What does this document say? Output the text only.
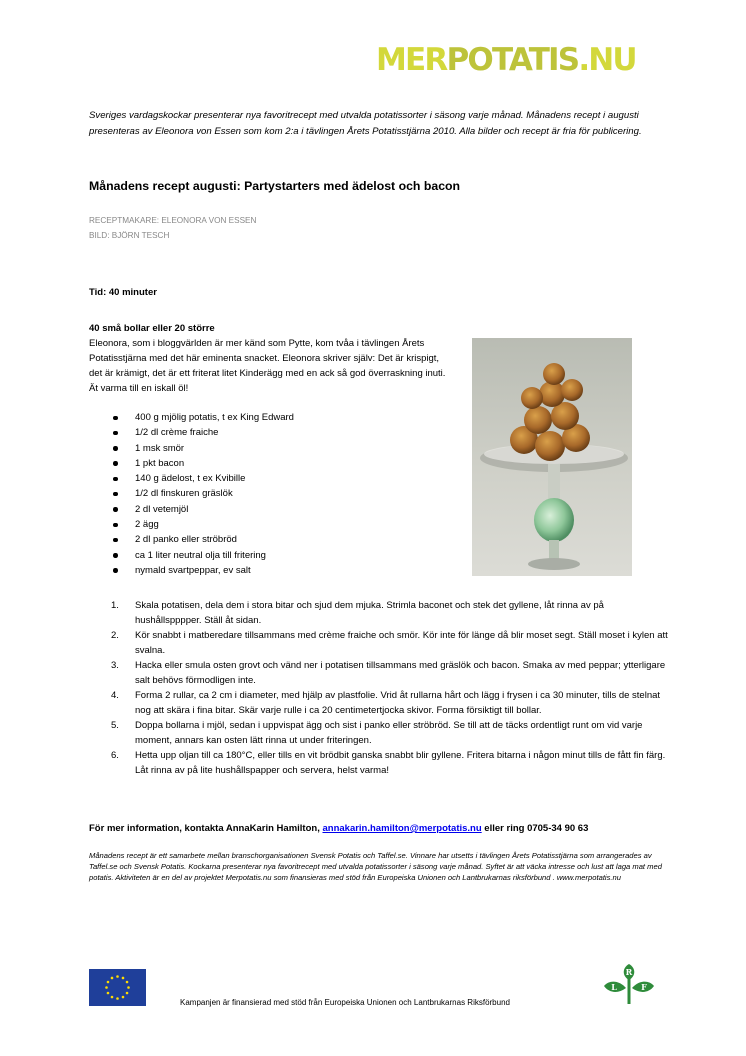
MERPOTATIS.NU
Sveriges vardagskockar presenterar nya favoritrecept med utvalda potatissorter i säsong varje månad. Månadens recept i augusti presenteras av Eleonora von Essen som kom 2:a i tävlingen Årets Potatisstjärna 2010. Alla bilder och recept är fria för publicering.
Månadens recept augusti: Partystarters med ädelost och bacon
RECEPTMAKARE: ELEONORA VON ESSEN
BILD: BJÖRN TESCH
Tid: 40 minuter
40 små bollar eller 20 större
Eleonora, som i bloggvärlden är mer känd som Pytte, kom tvåa i tävlingen Årets Potatisstjärna med det här eminenta snacket. Eleonora skriver själv: Det är krispigt, det är krämigt, det är ett friterat litet Kinderägg med en ack så god överraskning inuti. Ät varma till en iskall öl!
400 g mjölig potatis, t ex King Edward
1/2 dl crème fraiche
1 msk smör
1 pkt bacon
140 g ädelost, t ex Kvibille
1/2 dl finskuren gräslök
2 dl vetemjöl
2 ägg
2 dl panko eller ströbröd
ca 1 liter neutral olja till fritering
nymald svartpeppar, ev salt
1. Skala potatisen, dela dem i stora bitar och sjud dem mjuka. Strimla baconet och stek det gyllene, låt rinna av på hushållspppper. Ställ åt sidan.
2. Kör snabbt i matberedare tillsammans med crème fraiche och smör. Kör inte för länge då blir moset segt. Ställ moset i kylen att svalna.
3. Hacka eller smula osten grovt och vänd ner i potatisen tillsammans med gräslök och bacon. Smaka av med peppar; ytterligare salt behövs förmodligen inte.
4. Forma 2 rullar, ca 2 cm i diameter, med hjälp av plastfolie. Vrid åt rullarna hårt och lägg i frysen i ca 30 minuter, tills de stelnat nog att skära i fina bitar. Skär varje rulle i ca 20 centimetertjocka skivor. Forma försiktigt till bollar.
5. Doppa bollarna i mjöl, sedan i uppvispat ägg och sist i panko eller ströbröd. Se till att de täcks ordentligt runt om vid varje moment, annars kan osten lätt rinna ut under friteringen.
6. Hetta upp oljan till ca 180°C, eller tills en vit brödbit ganska snabbt blir gyllene. Fritera bitarna i någon minut tills de fått fin färg. Låt rinna av på lite hushållspapper och servera, helst varma!
För mer information, kontakta AnnaKarin Hamilton, annakarin.hamilton@merpotatis.nu eller ring 0705-34 90 63
Månadens recept är ett samarbete mellan branschorganisationen Svensk Potatis och Taffel.se. Vinnare har utsetts i tävlingen Årets Potatisstjärna som arrangerades av Taffel.se och Svensk Potatis. Kockarna presenterar nya favoritrecept med utvalda potatissorter i säsong varje månad. Syftet är att väcka intresse och lust att laga mat med potatis. Aktiviteten är en del av projektet Merpotatis.nu som finansieras med stöd från Europeiska Unionen och Lantbrukarnas riksförbund . www.merpotatis.nu
Kampanjen är finansierad med stöd från Europeiska Unionen och Lantbrukarnas Riksförbund
R
L	F
